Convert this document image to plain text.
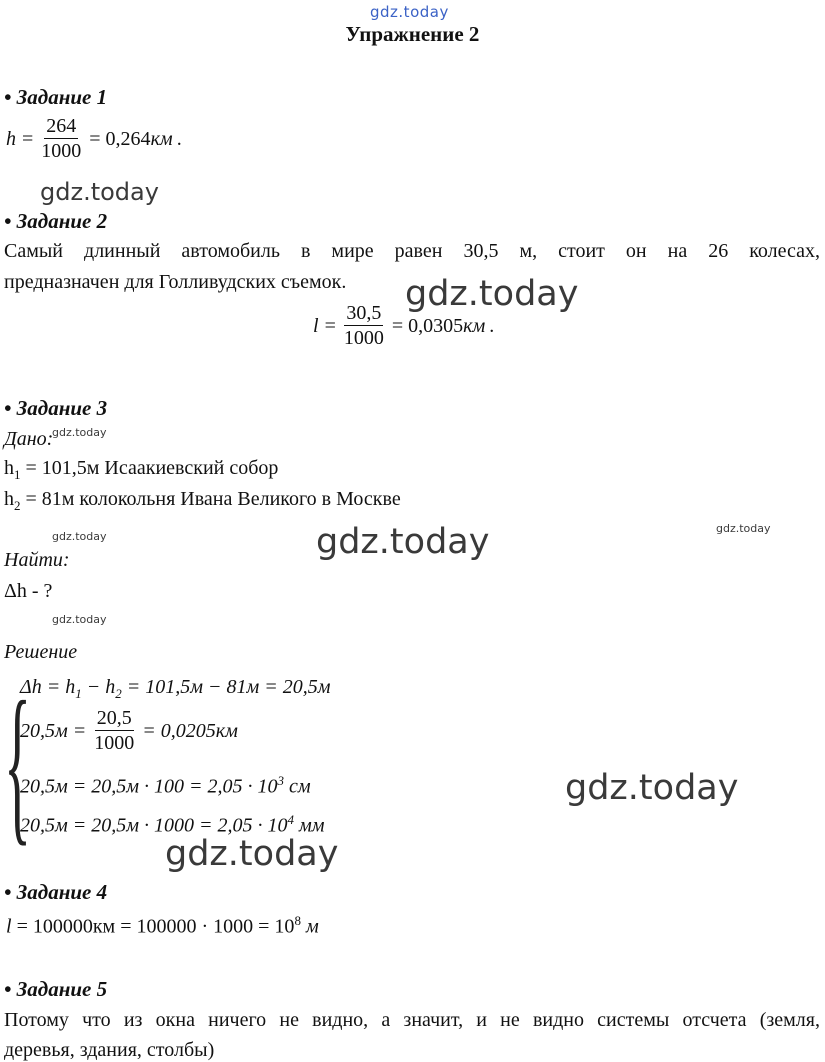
gdz.today
gdz.today
gdz.today
gdz.today
gdz.today	gdz.today	gdz.today
gdz.today
gdz.today
gdz.today
Упражнение 2
• Задание 1
$h = \frac{264}{1000} = 0,264$ км .
• Задание 2
Самый длинный автомобиль в мире равен 30,5 м, стоит он на 26 колесах,
предназначен для Голливудских съемок.
$l = \frac{30,5}{1000} = 0,0305$ км .
• Задание 3
Дано:
$h_1 = 101,5м$ Исаакиевский собор
$h_2 = 81м$ колокольня Ивана Великого в Москве
Найти:
Δh - ?
Решение
{
$\Delta h = h_1 - h_2 = 101,5м - 81м = 20,5м$
$20,5м = \frac{20,5}{1000} = 0,0205км$
$20,5м = 20,5м \cdot 100 = 2,05 \cdot 10^3$ см
$20,5м = 20,5м \cdot 1000 = 2,05 \cdot 10^4$ мм
• Задание 4
$l = 100000км = 100000 \cdot 1000 = 10^8$ м
• Задание 5
Потому что из окна ничего не видно, а значит, и не видно системы отсчета (земля,
деревья, здания, столбы)
